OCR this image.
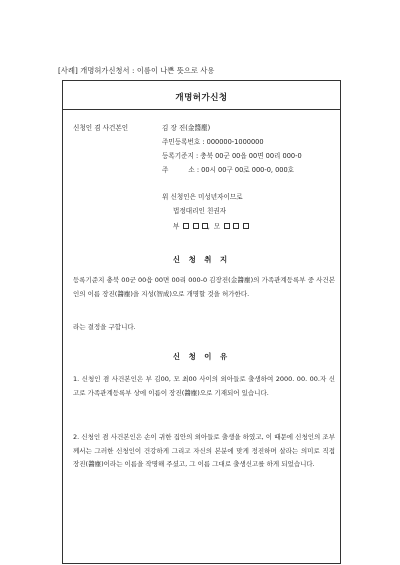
[사례] 개명허가신청서 : 이름이 나쁜 뜻으로 사용
개명허가신청
신청인 겸 사건본인	김 장 진(金醬塵)
주민등록번호 : 000000-1000000
등록기준지 : 충북 00군 00읍 00면 00리 000-0
주	소 : 00시 00구 00로 000-0, 000호
위 신청인은 미성년자이므로
법정대리인 친권자
부	, 모
신 청 취 지
등록기준지 충북 00군 00읍 00면 00리 000-0 김장진(金醬塵)의 가족관계등록부 중 사건본인의 이름 장진(醬塵)을 지성(智成)으로 개명할 것을 허가한다.
라는 결정을 구합니다.
신 청 이 유
1. 신청인 겸 사건본인은 부 김00, 모 최00 사이의 외아들로 출생하여 2000. 00. 00.자 신고로 가족관계등록부 상에 이름이 장진(醬塵)으로 기재되어 있습니다.
2. 신청인 겸 사건본인은 손이 귀한 집안의 외아들로 출생을 하였고, 이 때문에 신청인의 조부께서는 그러한 신청인이 건강하게 그리고 자신의 본분에 맞게 정진하며 살라는 의미로 직접 장진(醬塵)이라는 이름을 작명해 주셨고, 그 이름 그대로 출생신고를 하게 되었습니다.
